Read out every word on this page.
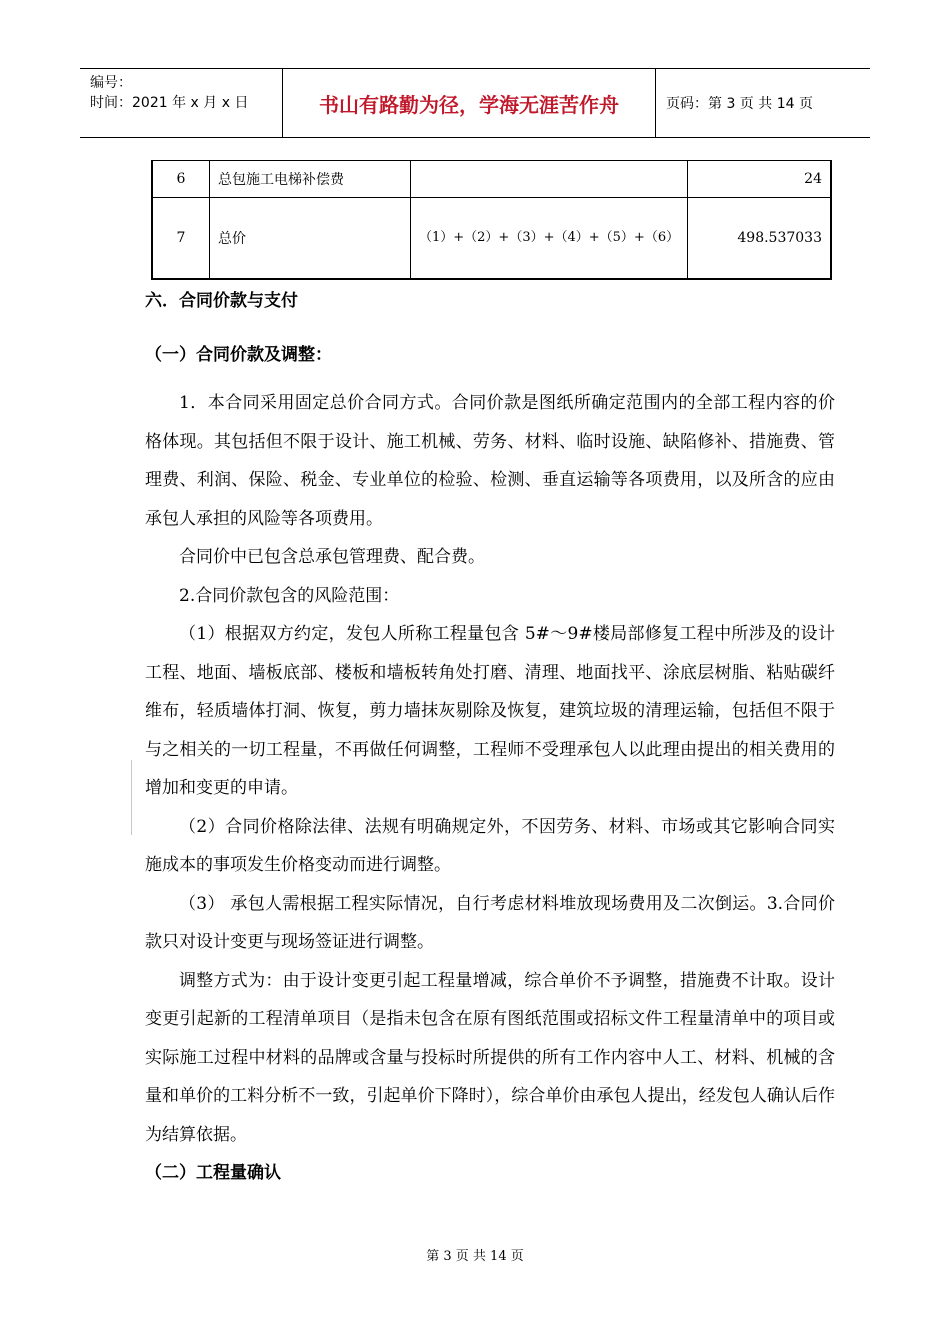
编号：
时间：2021 年 x 月 x 日	书山有路勤为径，学海无涯苦作舟	页码：第 3 页 共 14 页
6	总包施工电梯补偿费		24
7	总价	（1）+（2）+（3）+（4）+（5）+（6）	498.537033
六．合同价款与支付
（一）合同价款及调整：

1．本合同采用固定总价合同方式。合同价款是图纸所确定范围内的全部工程内容的价格体现。其包括但不限于设计、施工机械、劳务、材料、临时设施、缺陷修补、措施费、管理费、利润、保险、税金、专业单位的检验、检测、垂直运输等各项费用，以及所含的应由承包人承担的风险等各项费用。

合同价中已包含总承包管理费、配合费。

2.合同价款包含的风险范围：

（1）根据双方约定，发包人所称工程量包含 5#～9#楼局部修复工程中所涉及的设计工程、地面、墙板底部、楼板和墙板转角处打磨、清理、地面找平、涂底层树脂、粘贴碳纤维布，轻质墙体打洞、恢复，剪力墙抹灰剔除及恢复，建筑垃圾的清理运输，包括但不限于与之相关的一切工程量，不再做任何调整，工程师不受理承包人以此理由提出的相关费用的增加和变更的申请。

（2）合同价格除法律、法规有明确规定外，不因劳务、材料、市场或其它影响合同实施成本的事项发生价格变动而进行调整。

（3） 承包人需根据工程实际情况，自行考虑材料堆放现场费用及二次倒运。3.合同价款只对设计变更与现场签证进行调整。

调整方式为：由于设计变更引起工程量增减，综合单价不予调整，措施费不计取。设计变更引起新的工程清单项目（是指未包含在原有图纸范围或招标文件工程量清单中的项目或实际施工过程中材料的品牌或含量与投标时所提供的所有工作内容中人工、材料、机械的含量和单价的工料分析不一致，引起单价下降时），综合单价由承包人提出，经发包人确认后作为结算依据。

（二）工程量确认
第 3 页 共 14 页
